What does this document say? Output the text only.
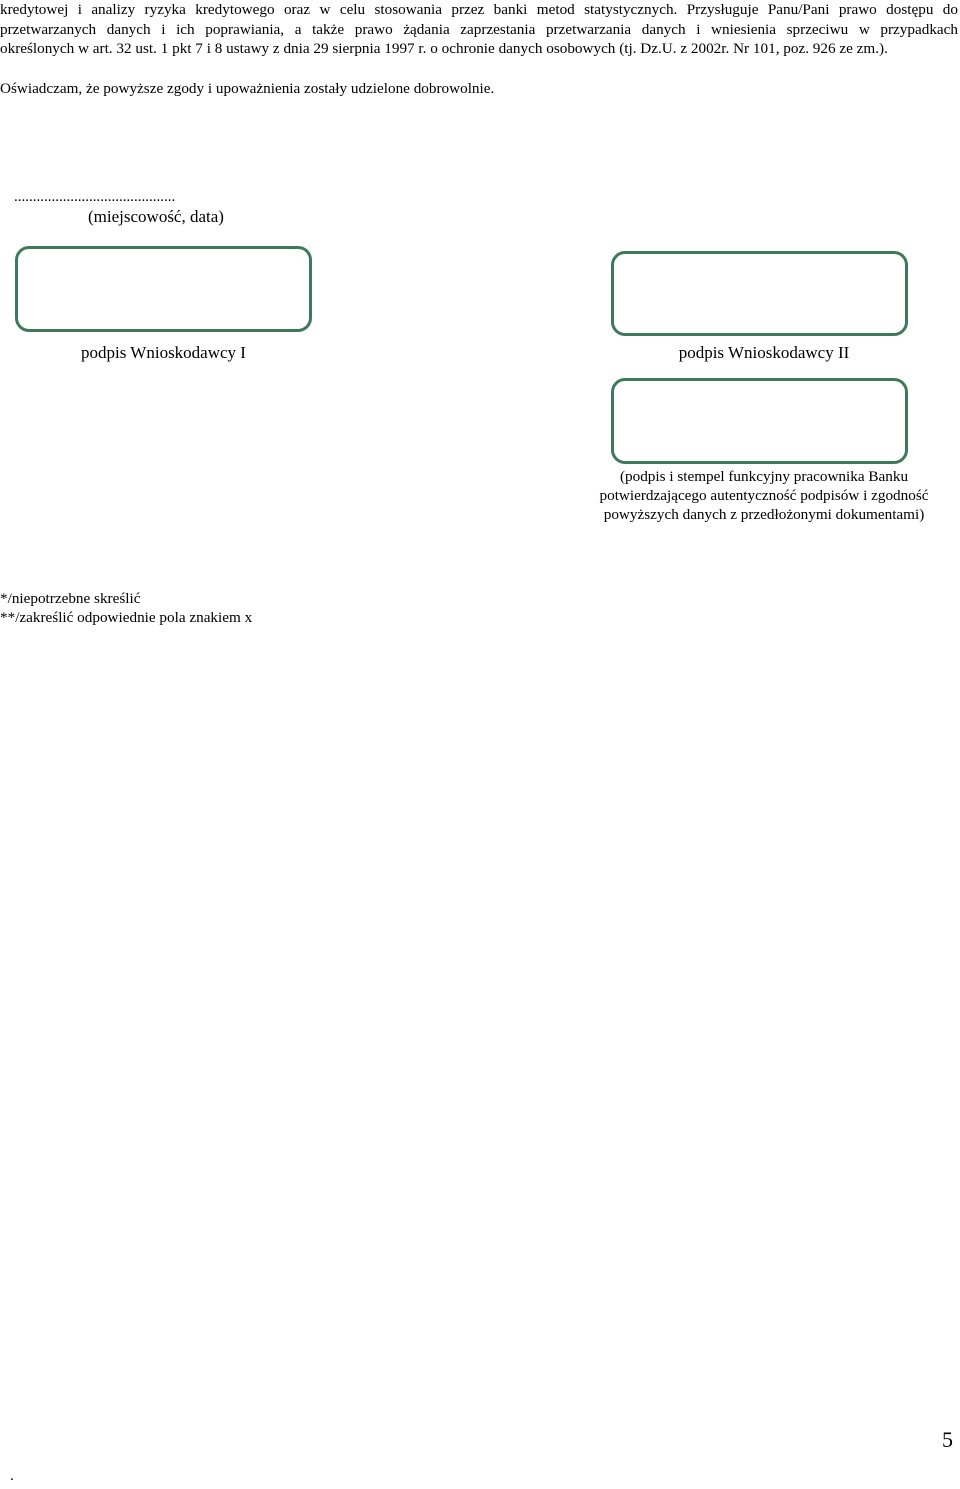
kredytowej i analizy ryzyka kredytowego oraz w celu stosowania przez banki metod statystycznych. Przysługuje Panu/Pani prawo dostępu do
przetwarzanych danych i ich poprawiania, a także prawo żądania zaprzestania przetwarzania danych i wniesienia sprzeciwu w przypadkach
określonych w art. 32 ust. 1 pkt 7 i 8 ustawy z dnia 29 sierpnia 1997 r. o ochronie danych osobowych (tj. Dz.U. z 2002r. Nr 101, poz. 926 ze zm.).

Oświadczam, że powyższe zgody i upoważnienia zostały udzielone dobrowolnie.

...........................................
(miejscowość, data)
podpis Wnioskodawcy I	podpis Wnioskodawcy II
(podpis i stempel funkcyjny pracownika Banku
potwierdzającego autentyczność podpisów i zgodność
powyższych danych z przedłożonymi dokumentami)
*/niepotrzebne skreślić
**/zakreślić odpowiednie pola znakiem x
5
.
